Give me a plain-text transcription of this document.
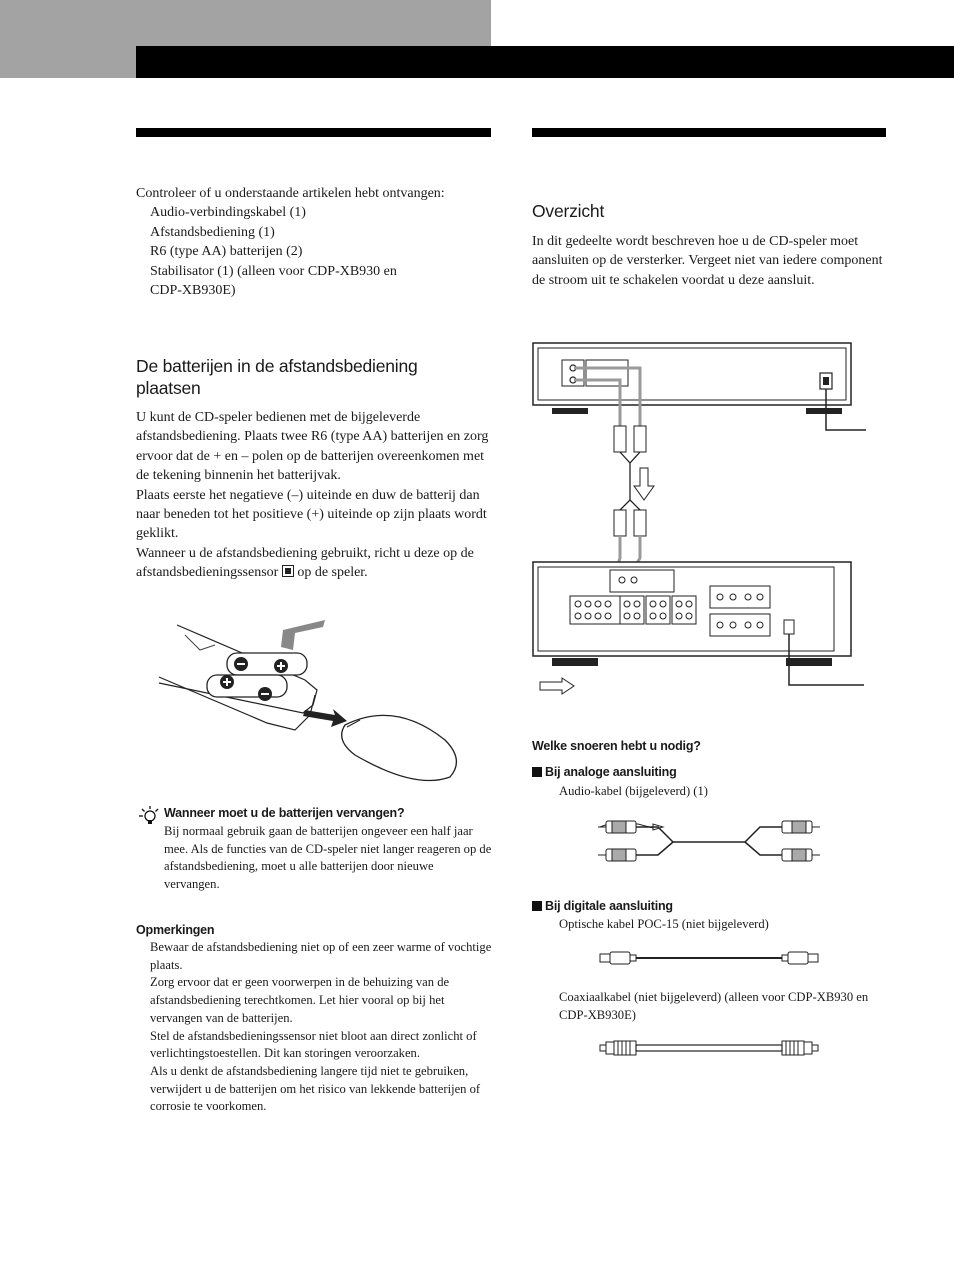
Controleer of u onderstaande artikelen hebt ontvangen:

Audio-verbindingskabel (1)

Afstandsbediening (1)

R6 (type AA) batterijen (2)

Stabilisator (1) (alleen voor CDP-XB930 en CDP-XB930E)

De batterijen in de afstandsbediening plaatsen

U kunt de CD-speler bedienen met de bijgeleverde afstandsbediening. Plaats twee R6 (type AA) batterijen en zorg ervoor dat de + en – polen op de batterijen overeenkomen met de tekening binnenin het batterijvak.

Plaats eerste het negatieve (–) uiteinde en duw de batterij dan naar beneden tot het positieve (+) uiteinde op zijn plaats wordt geklikt.

Wanneer u de afstandsbediening gebruikt, richt u deze op de afstandsbedieningssensor op de speler.

Wanneer moet u de batterijen vervangen?
Bij normaal gebruik gaan de batterijen ongeveer een half jaar mee. Als de functies van de CD-speler niet langer reageren op de afstandsbediening, moet u alle batterijen door nieuwe vervangen.
Opmerkingen

Bewaar de afstandsbediening niet op of een zeer warme of vochtige plaats.

Zorg ervoor dat er geen voorwerpen in de behuizing van de afstandsbediening terechtkomen. Let hier vooral op bij het vervangen van de batterijen.

Stel de afstandsbedieningssensor niet bloot aan direct zonlicht of verlichtingstoestellen. Dit kan storingen veroorzaken.

Als u denkt de afstandsbediening langere tijd niet te gebruiken, verwijdert u de batterijen om het risico van lekkende batterijen of corrosie te voorkomen.

Overzicht
In dit gedeelte wordt beschreven hoe u de CD-speler moet aansluiten op de versterker. Vergeet niet van iedere component de stroom uit te schakelen voordat u deze aansluit.
Welke snoeren hebt u nodig?
Bij analoge aansluiting
Audio-kabel (bijgeleverd) (1)
Bij digitale aansluiting
Optische kabel POC-15 (niet bijgeleverd)
Coaxiaalkabel (niet bijgeleverd) (alleen voor CDP-XB930 en CDP-XB930E)
